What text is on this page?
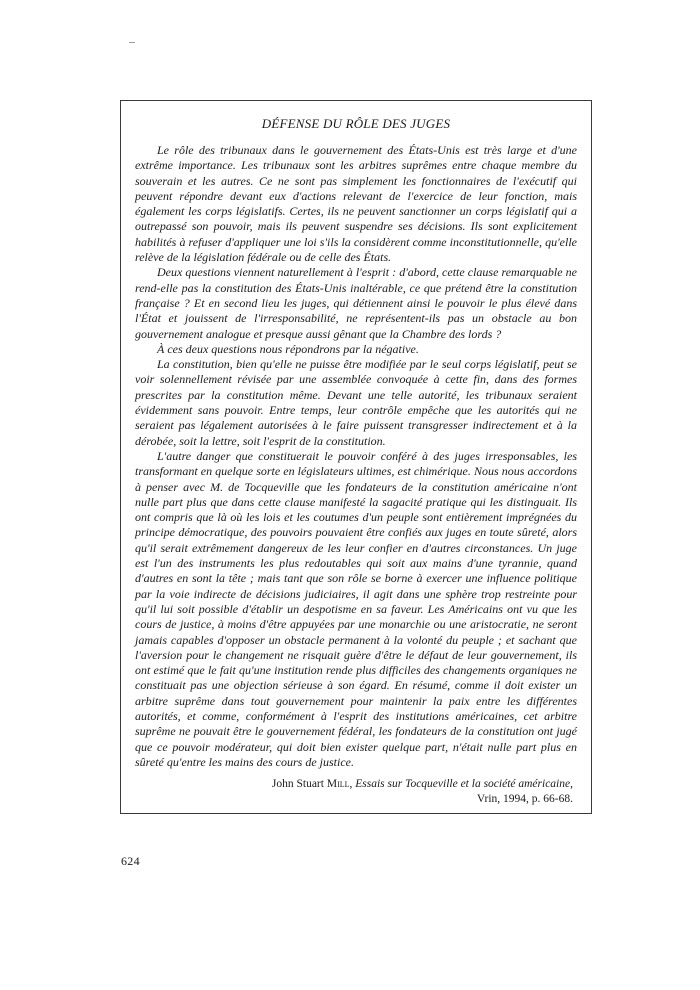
DÉFENSE DU RÔLE DES JUGES

Le rôle des tribunaux dans le gouvernement des États-Unis est très large et d'une extrême importance. Les tribunaux sont les arbitres suprêmes entre chaque membre du souverain et les autres. Ce ne sont pas simplement les fonctionnaires de l'exécutif qui peuvent répondre devant eux d'actions relevant de l'exercice de leur fonction, mais également les corps législatifs. Certes, ils ne peuvent sanctionner un corps législatif qui a outrepassé son pouvoir, mais ils peuvent suspendre ses décisions. Ils sont explicitement habilités à refuser d'appliquer une loi s'ils la considèrent comme inconstitutionnelle, qu'elle relève de la législation fédérale ou de celle des États.

Deux questions viennent naturellement à l'esprit : d'abord, cette clause remarquable ne rend-elle pas la constitution des États-Unis inaltérable, ce que prétend être la constitution française ? Et en second lieu les juges, qui détiennent ainsi le pouvoir le plus élevé dans l'État et jouissent de l'irresponsabilité, ne représentent-ils pas un obstacle au bon gouvernement analogue et presque aussi gênant que la Chambre des lords ?

À ces deux questions nous répondrons par la négative.

La constitution, bien qu'elle ne puisse être modifiée par le seul corps législatif, peut se voir solennellement révisée par une assemblée convoquée à cette fin, dans des formes prescrites par la constitution même. Devant une telle autorité, les tribunaux seraient évidemment sans pouvoir. Entre temps, leur contrôle empêche que les autorités qui ne seraient pas légalement autorisées à le faire puissent transgresser indirectement et à la dérobée, soit la lettre, soit l'esprit de la constitution.

L'autre danger que constituerait le pouvoir conféré à des juges irresponsables, les transformant en quelque sorte en législateurs ultimes, est chimérique. Nous nous accordons à penser avec M. de Tocqueville que les fondateurs de la constitution américaine n'ont nulle part plus que dans cette clause manifesté la sagacité pratique qui les distinguait. Ils ont compris que là où les lois et les coutumes d'un peuple sont entièrement imprégnées du principe démocratique, des pouvoirs pouvaient être confiés aux juges en toute sûreté, alors qu'il serait extrêmement dangereux de les leur confier en d'autres circonstances. Un juge est l'un des instruments les plus redoutables qui soit aux mains d'une tyrannie, quand d'autres en sont la tête ; mais tant que son rôle se borne à exercer une influence politique par la voie indirecte de décisions judiciaires, il agit dans une sphère trop restreinte pour qu'il lui soit possible d'établir un despotisme en sa faveur. Les Américains ont vu que les cours de justice, à moins d'être appuyées par une monarchie ou une aristocratie, ne seront jamais capables d'opposer un obstacle permanent à la volonté du peuple ; et sachant que l'aversion pour le changement ne risquait guère d'être le défaut de leur gouvernement, ils ont estimé que le fait qu'une institution rende plus difficiles des changements organiques ne constituait pas une objection sérieuse à son égard. En résumé, comme il doit exister un arbitre suprême dans tout gouvernement pour maintenir la paix entre les différentes autorités, et comme, conformément à l'esprit des institutions américaines, cet arbitre suprême ne pouvait être le gouvernement fédéral, les fondateurs de la constitution ont jugé que ce pouvoir modérateur, qui doit bien exister quelque part, n'était nulle part plus en sûreté qu'entre les mains des cours de justice.

John Stuart Mill, Essais sur Tocqueville et la société américaine,
Vrin, 1994, p. 66-68.
624
